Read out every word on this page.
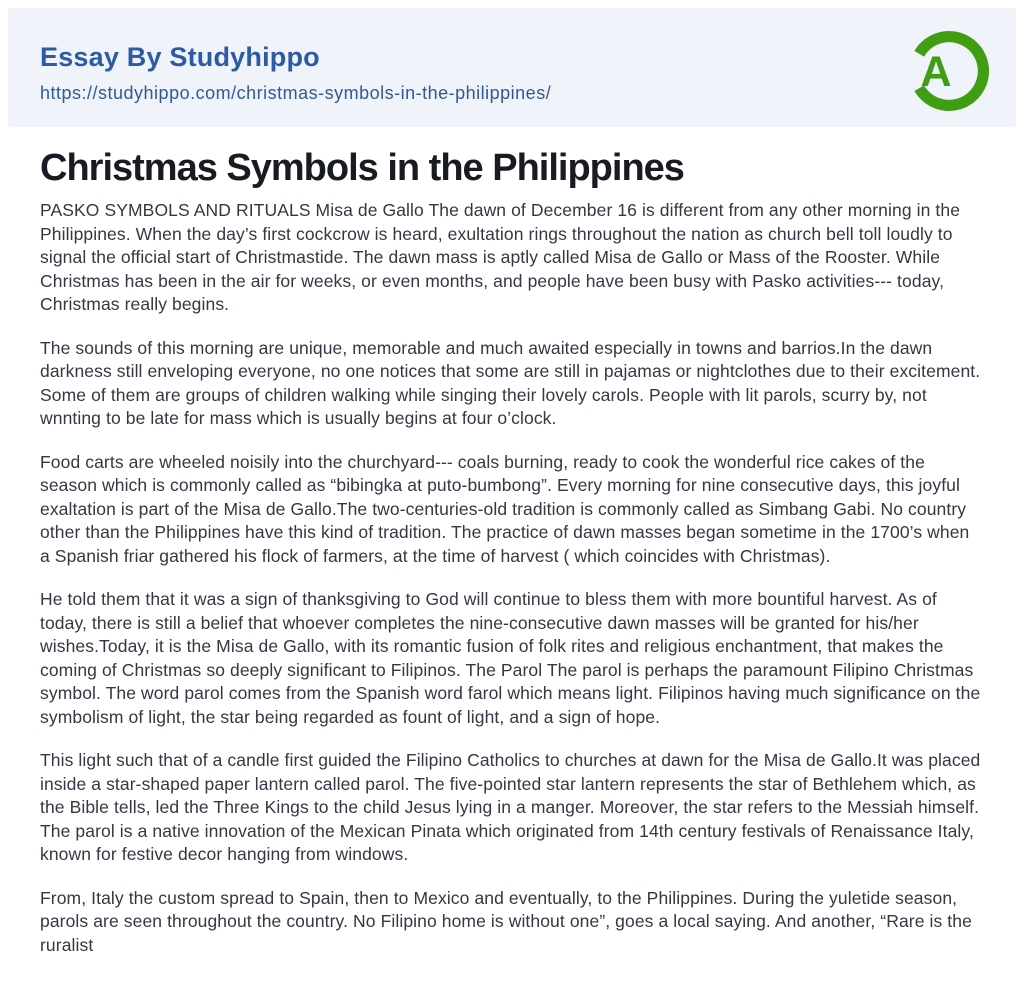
Essay By Studyhippo
https://studyhippo.com/christmas-symbols-in-the-philippines/	A
Christmas Symbols in the Philippines

PASKO SYMBOLS AND RITUALS Misa de Gallo The dawn of December 16 is different from any other morning in the Philippines. When the day’s first cockcrow is heard, exultation rings throughout the nation as church bell toll loudly to signal the official start of Christmastide. The dawn mass is aptly called Misa de Gallo or Mass of the Rooster. While Christmas has been in the air for weeks, or even months, and people have been busy with Pasko activities--- today, Christmas really begins.

The sounds of this morning are unique, memorable and much awaited especially in towns and barrios.In the dawn darkness still enveloping everyone, no one notices that some are still in pajamas or nightclothes due to their excitement. Some of them are groups of children walking while singing their lovely carols. People with lit parols, scurry by, not wnnting to be late for mass which is usually begins at four o’clock.

Food carts are wheeled noisily into the churchyard--- coals burning, ready to cook the wonderful rice cakes of the season which is commonly called as “bibingka at puto-bumbong”. Every morning for nine consecutive days, this joyful exaltation is part of the Misa de Gallo.The two-centuries-old tradition is commonly called as Simbang Gabi. No country other than the Philippines have this kind of tradition. The practice of dawn masses began sometime in the 1700’s when a Spanish friar gathered his flock of farmers, at the time of harvest ( which coincides with Christmas).

He told them that it was a sign of thanksgiving to God will continue to bless them with more bountiful harvest. As of today, there is still a belief that whoever completes the nine-consecutive dawn masses will be granted for his/her wishes.Today, it is the Misa de Gallo, with its romantic fusion of folk rites and religious enchantment, that makes the coming of Christmas so deeply significant to Filipinos. The Parol The parol is perhaps the paramount Filipino Christmas symbol. The word parol comes from the Spanish word farol which means light. Filipinos having much significance on the symbolism of light, the star being regarded as fount of light, and a sign of hope.

This light such that of a candle first guided the Filipino Catholics to churches at dawn for the Misa de Gallo.It was placed inside a star-shaped paper lantern called parol. The five-pointed star lantern represents the star of Bethlehem which, as the Bible tells, led the Three Kings to the child Jesus lying in a manger. Moreover, the star refers to the Messiah himself. The parol is a native innovation of the Mexican Pinata which originated from 14th century festivals of Renaissance Italy, known for festive decor hanging from windows.

From, Italy the custom spread to Spain, then to Mexico and eventually, to the Philippines. During the yuletide season, parols are seen throughout the country. No Filipino home is without one”, goes a local saying. And another, “Rare is the ruralist
